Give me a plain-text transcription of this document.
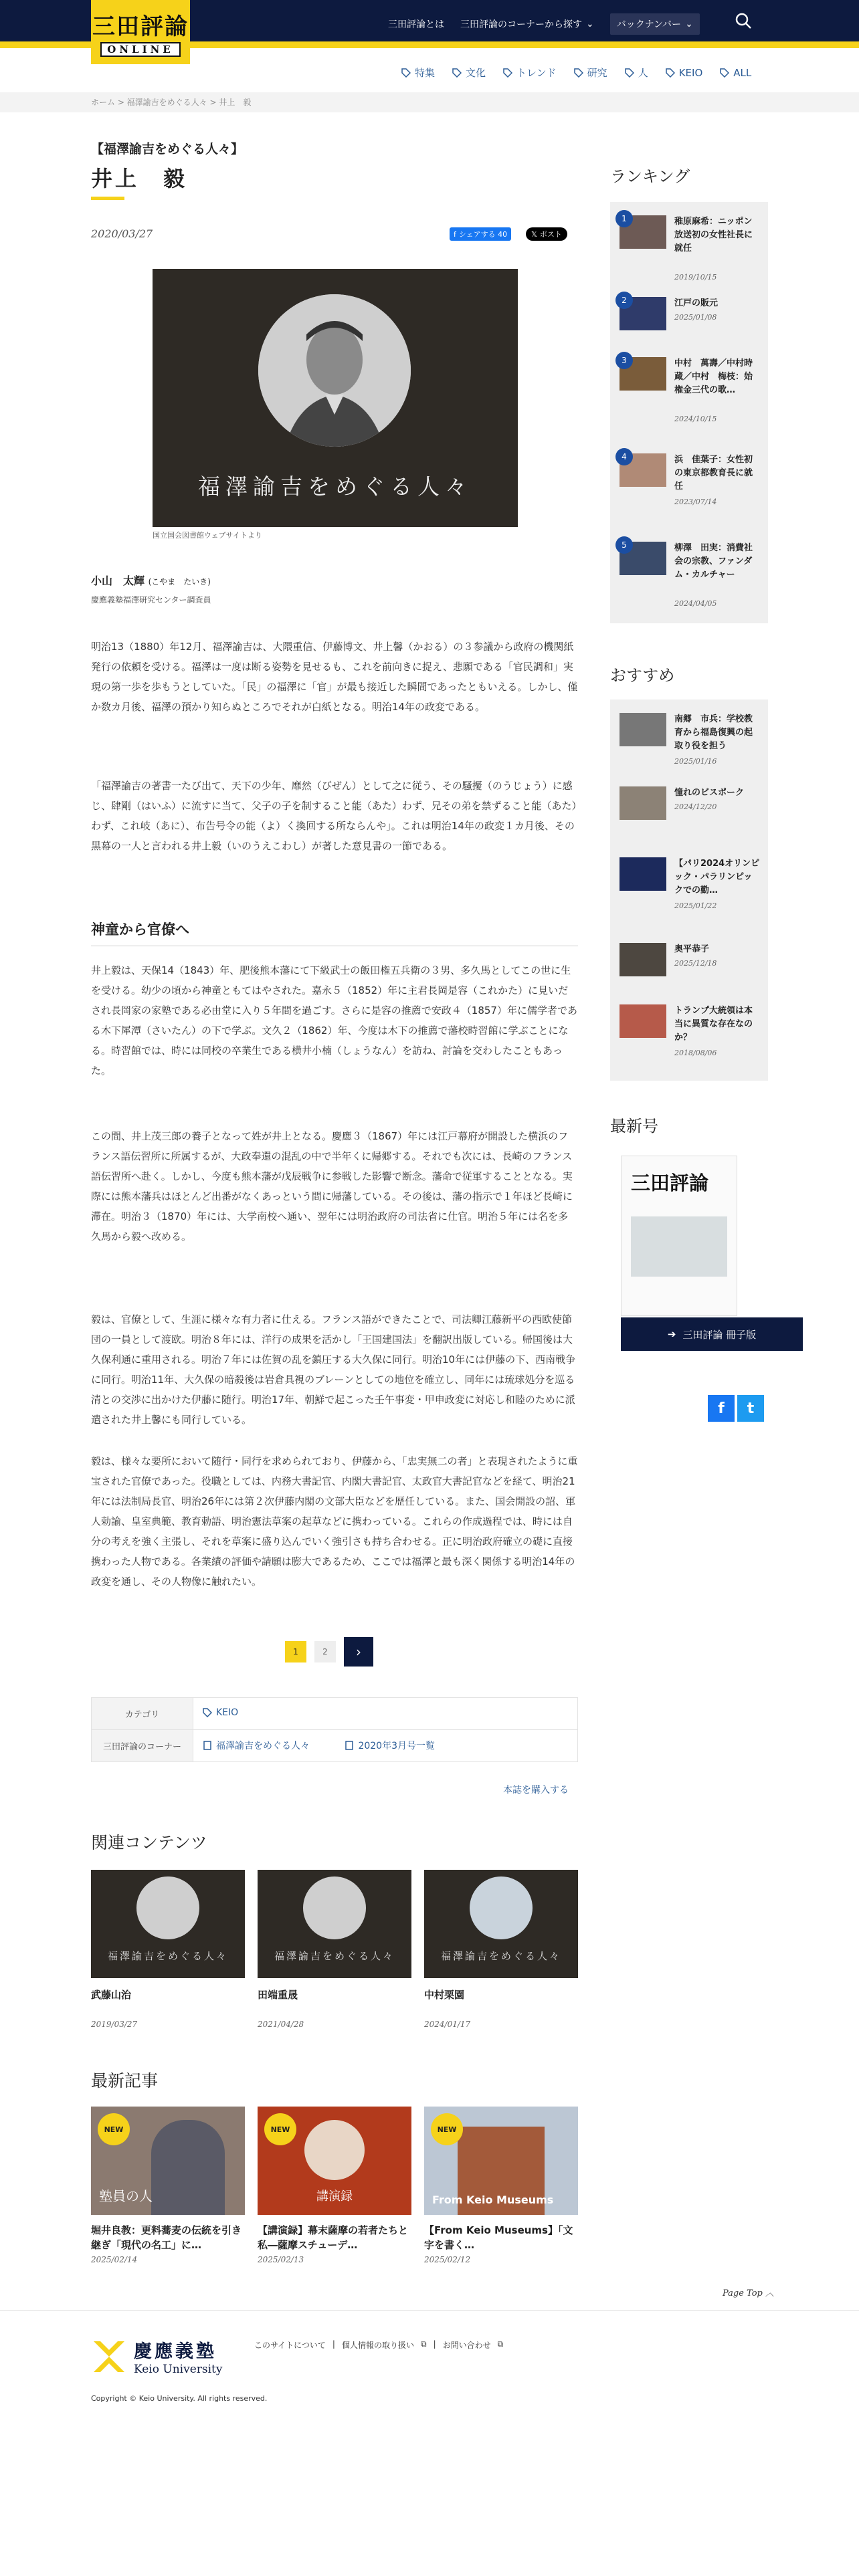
三田評論
ONLINE
三田評論とは 三田評論のコーナーから探す ⌄ バックナンバー ⌄
特集	文化	トレンド	研究	人	KEIO	ALL
ホーム > 福澤諭吉をめぐる人々 > 井上　毅
【福澤諭吉をめぐる人々】
井上　毅
2020/03/27	f シェアする 40	𝕏 ポスト
福澤諭吉をめぐる人々
国立国会図書館ウェブサイトより
小山　太輝 (こやま　たいき)
慶應義塾福澤研究センター調査員

明治13（1880）年12月、福澤諭吉は、大隈重信、伊藤博文、井上馨（かおる）の３参議から政府の機関紙発行の依頼を受ける。福澤は一度は断る姿勢を見せるも、これを前向きに捉え、悲願である「官民調和」実現の第一歩を歩もうとしていた。「民」の福澤に「官」が最も接近した瞬間であったともいえる。しかし、僅か数カ月後、福澤の預かり知らぬところでそれが白紙となる。明治14年の政変である。

「福澤諭吉の著書一たび出て、天下の少年、靡然（びぜん）として之に従う、その騒擾（のうじょう）に感じ、肆剛（はいふ）に流すに当て、父子の子を制すること能（あた）わず、兄その弟を禁ずること能（あた）わず、これ岐（あに）、布告号令の能（よ）く換回する所ならんや」。これは明治14年の政変１カ月後、その黒幕の一人と言われる井上毅（いのうえこわし）が著した意見書の一節である。

神童から官僚へ

井上毅は、天保14（1843）年、肥後熊本藩にて下級武士の飯田権五兵衛の３男、多久馬としてこの世に生を受ける。幼少の頃から神童ともてはやされた。嘉永５（1852）年に主君長岡是容（これかた）に見いだされ長岡家の家塾である必由堂に入り５年間を過ごす。さらに是容の推薦で安政４（1857）年に儒学者である木下犀潭（さいたん）の下で学ぶ。文久２（1862）年、今度は木下の推薦で藩校時習館に学ぶことになる。時習館では、時には同校の卒業生である横井小楠（しょうなん）を訪ね、討論を交わしたこともあった。

この間、井上茂三郎の養子となって姓が井上となる。慶應３（1867）年には江戸幕府が開設した横浜のフランス語伝習所に所属するが、大政奉還の混乱の中で半年くに帰郷する。それでも次には、長崎のフランス語伝習所へ赴く。しかし、今度も熊本藩が戊辰戦争に参戦した影響で断念。藩命で従軍することとなる。実際には熊本藩兵はほとんど出番がなくあっという間に帰藩している。その後は、藩の指示で１年ほど長崎に滞在。明治３（1870）年には、大学南校へ通い、翌年には明治政府の司法省に仕官。明治５年には名を多久馬から毅へ改める。

毅は、官僚として、生涯に様々な有力者に仕える。フランス語ができたことで、司法卿江藤新平の西欧使節団の一員として渡欧。明治８年には、洋行の成果を活かし「王国建国法」を翻訳出版している。帰国後は大久保利通に重用される。明治７年には佐賀の乱を鎮圧する大久保に同行。明治10年には伊藤の下、西南戦争に同行。明治11年、大久保の暗殺後は岩倉具視のブレーンとしての地位を確立し、同年には琉球処分を巡る清との交渉に出かけた伊藤に随行。明治17年、朝鮮で起こった壬午事変・甲申政変に対応し和睦のために派遣された井上馨にも同行している。

毅は、様々な要所において随行・同行を求められており、伊藤から、「忠実無二の者」と表現されたように重宝された官僚であった。役職としては、内務大書記官、内閣大書記官、太政官大書記官などを経て、明治21年には法制局長官、明治26年には第２次伊藤内閣の文部大臣などを歴任している。また、国会開設の詔、軍人勅諭、皇室典範、教育勅語、明治憲法草案の起草などに携わっている。これらの作成過程では、時には自分の考えを強く主張し、それを草案に盛り込んでいく強引さも持ち合わせる。正に明治政府確立の礎に直接携わった人物である。各業績の評価や請願は膨大であるため、ここでは福澤と最も深く関係する明治14年の政変を通し、その人物像に触れたい。

1	2	›
カテゴリ	KEIO

三田評論のコーナー	福澤諭吉をめぐる人々
2020年3月号一覧
本誌を購入する
関連コンテンツ
福澤諭吉をめぐる人々
武藤山治
2019/03/27
福澤諭吉をめぐる人々
田端重晟
2021/04/28
福澤諭吉をめぐる人々
中村栗園
2024/01/17
最新記事
NEW
塾員の人
堀井良教：更料蕎麦の伝統を引き継ぎ「現代の名工」に…
2025/02/14
NEW
講演録
【講演録】幕末薩摩の若者たちと私―薩摩スチューデ…
2025/02/13
NEW
From Keio Museums
【From Keio Museums】「文字を書く…
2025/02/12
Page Top ︿
慶應義塾
Keio University
このサイトについて | 個人情報の取り扱い ⧉ | お問い合わせ ⧉
Copyright © Keio University. All rights reserved.
ランキング
1	稚原麻希：ニッポン放送初の女性社長に就任
2019/10/15
2	江戸の販元
2025/01/08
3	中村　萬壽／中村時蔵／中村　梅枝：始権金三代の歌…
2024/10/15
4	浜　佳葉子：女性初の東京都教育長に就任
2023/07/14
5	柳澤　田実：消費社会の宗教、ファンダム・カルチャー
2024/04/05
おすすめ
南郷　市兵：学校教育から福島復興の起取り役を担う
2025/01/16
憧れのビスポーク
2024/12/20
【パリ2024オリンピック・パラリンピックでの勤…
2025/01/22
奥平恭子
2025/12/18
トランプ大統領は本当に異質な存在なのか？
2018/08/06
最新号
三田評論
➔ 三田評論 冊子版
f	t
